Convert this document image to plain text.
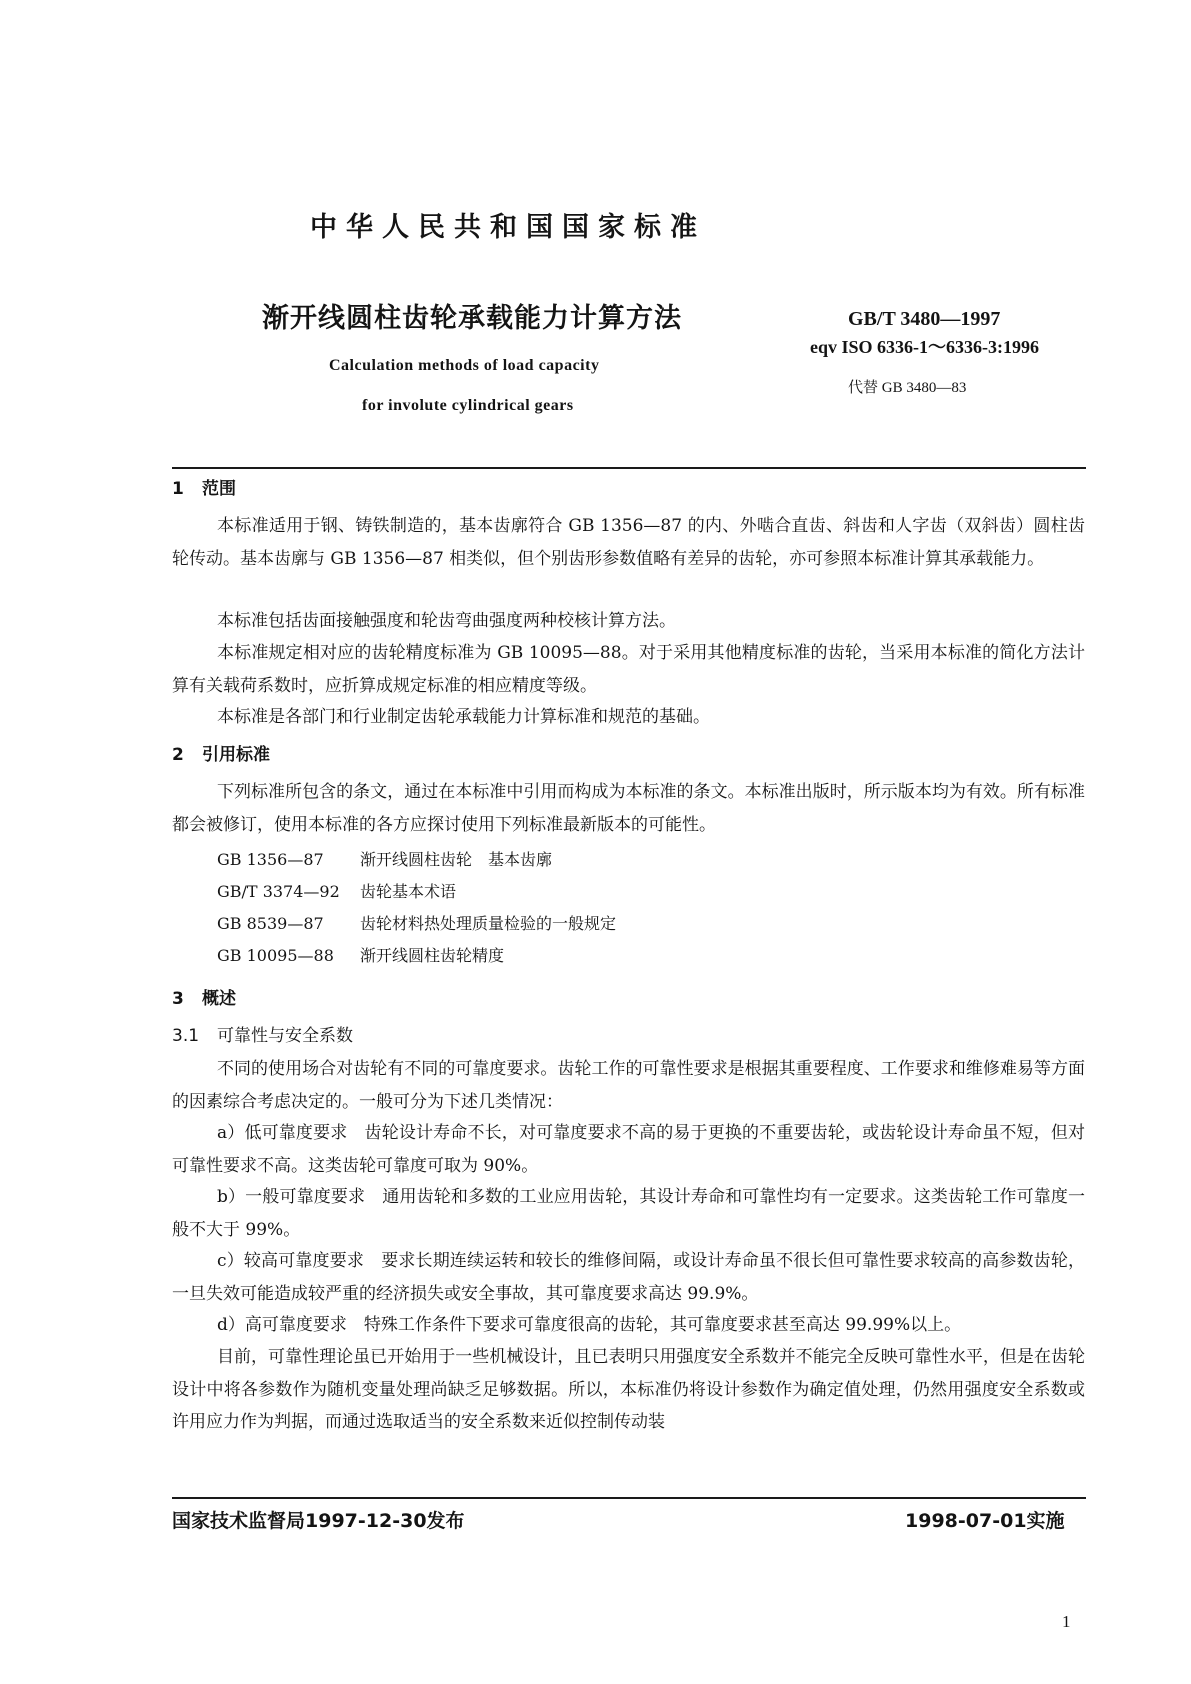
中华人民共和国国家标准
渐开线圆柱齿轮承载能力计算方法
Calculation methods of load capacity
for involute cylindrical gears
GB/T 3480—1997
eqv ISO 6336-1～6336-3:1996
代替 GB 3480—83
1 范围
本标准适用于钢、铸铁制造的，基本齿廓符合 GB 1356—87 的内、外啮合直齿、斜齿和人字齿（双斜齿）圆柱齿轮传动。基本齿廓与 GB 1356—87 相类似，但个别齿形参数值略有差异的齿轮，亦可参照本标准计算其承载能力。
本标准包括齿面接触强度和轮齿弯曲强度两种校核计算方法。
本标准规定相对应的齿轮精度标准为 GB 10095—88。对于采用其他精度标准的齿轮，当采用本标准的简化方法计算有关载荷系数时，应折算成规定标准的相应精度等级。
本标准是各部门和行业制定齿轮承载能力计算标准和规范的基础。
2 引用标准
下列标准所包含的条文，通过在本标准中引用而构成为本标准的条文。本标准出版时，所示版本均为有效。所有标准都会被修订，使用本标准的各方应探讨使用下列标准最新版本的可能性。
GB 1356—87 渐开线圆柱齿轮　基本齿廓
GB/T 3374—92 齿轮基本术语
GB 8539—87 齿轮材料热处理质量检验的一般规定
GB 10095—88 渐开线圆柱齿轮精度
3 概述
3.1 可靠性与安全系数
不同的使用场合对齿轮有不同的可靠度要求。齿轮工作的可靠性要求是根据其重要程度、工作要求和维修难易等方面的因素综合考虑决定的。一般可分为下述几类情况：
a）低可靠度要求　齿轮设计寿命不长，对可靠度要求不高的易于更换的不重要齿轮，或齿轮设计寿命虽不短，但对可靠性要求不高。这类齿轮可靠度可取为 90%。
b）一般可靠度要求　通用齿轮和多数的工业应用齿轮，其设计寿命和可靠性均有一定要求。这类齿轮工作可靠度一般不大于 99%。
c）较高可靠度要求　要求长期连续运转和较长的维修间隔，或设计寿命虽不很长但可靠性要求较高的高参数齿轮，一旦失效可能造成较严重的经济损失或安全事故，其可靠度要求高达 99.9%。
d）高可靠度要求　特殊工作条件下要求可靠度很高的齿轮，其可靠度要求甚至高达 99.99%以上。
目前，可靠性理论虽已开始用于一些机械设计，且已表明只用强度安全系数并不能完全反映可靠性水平，但是在齿轮设计中将各参数作为随机变量处理尚缺乏足够数据。所以，本标准仍将设计参数作为确定值处理，仍然用强度安全系数或许用应力作为判据，而通过选取适当的安全系数来近似控制传动装
国家技术监督局1997-12-30发布	1998-07-01实施
1
